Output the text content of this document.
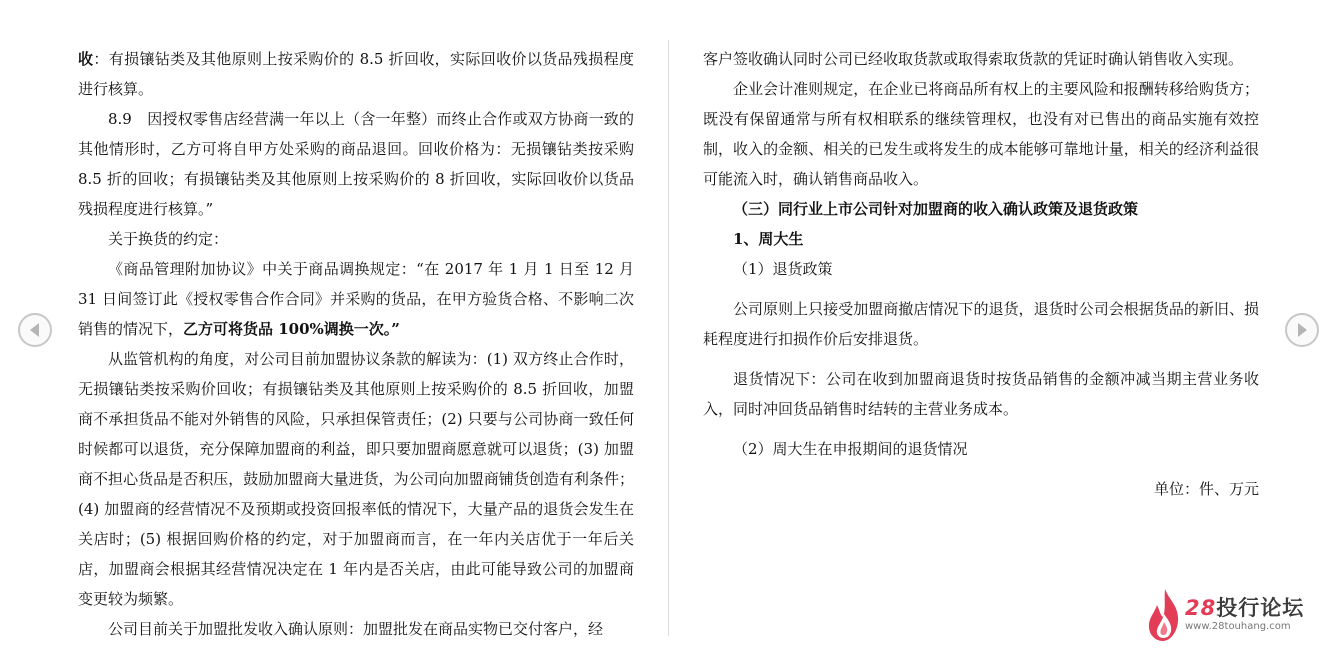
收：有损镶钻类及其他原则上按采购价的 8.5 折回收，实际回收价以货品残损程度进行核算。

8.9　因授权零售店经营满一年以上（含一年整）而终止合作或双方协商一致的其他情形时，乙方可将自甲方处采购的商品退回。回收价格为：无损镶钻类按采购 8.5 折的回收；有损镶钻类及其他原则上按采购价的 8 折回收，实际回收价以货品残损程度进行核算。”

关于换货的约定：

《商品管理附加协议》中关于商品调换规定：“在 2017 年 1 月 1 日至 12 月 31 日间签订此《授权零售合作合同》并采购的货品，在甲方验货合格、不影响二次销售的情况下，乙方可将货品 100%调换一次。”

从监管机构的角度，对公司目前加盟协议条款的解读为：(1) 双方终止合作时，无损镶钻类按采购价回收；有损镶钻类及其他原则上按采购价的 8.5 折回收，加盟商不承担货品不能对外销售的风险，只承担保管责任；(2) 只要与公司协商一致任何时候都可以退货，充分保障加盟商的利益，即只要加盟商愿意就可以退货；(3) 加盟商不担心货品是否积压，鼓励加盟商大量进货，为公司向加盟商铺货创造有利条件；(4) 加盟商的经营情况不及预期或投资回报率低的情况下，大量产品的退货会发生在关店时；(5) 根据回购价格的约定，对于加盟商而言，在一年内关店优于一年后关店，加盟商会根据其经营情况决定在 1 年内是否关店，由此可能导致公司的加盟商变更较为频繁。

公司目前关于加盟批发收入确认原则：加盟批发在商品实物已交付客户，经

客户签收确认同时公司已经收取货款或取得索取货款的凭证时确认销售收入实现。

企业会计准则规定，在企业已将商品所有权上的主要风险和报酬转移给购货方；既没有保留通常与所有权相联系的继续管理权，也没有对已售出的商品实施有效控制，收入的金额、相关的已发生或将发生的成本能够可靠地计量，相关的经济利益很可能流入时，确认销售商品收入。

（三）同行业上市公司针对加盟商的收入确认政策及退货政策

1、周大生

（1）退货政策

公司原则上只接受加盟商撤店情况下的退货，退货时公司会根据货品的新旧、损耗程度进行扣损作价后安排退货。

退货情况下：公司在收到加盟商退货时按货品销售的金额冲减当期主营业务收入，同时冲回货品销售时结转的主营业务成本。

（2）周大生在申报期间的退货情况

单位：件、万元

28投行论坛
www.28touhang.com
